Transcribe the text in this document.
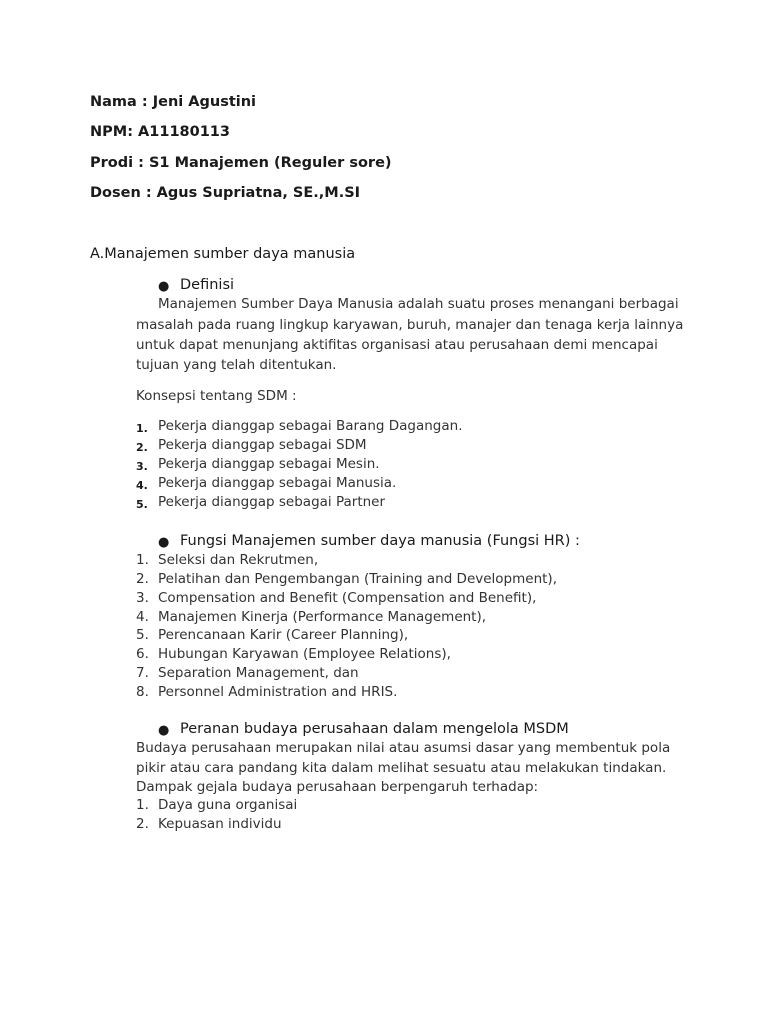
Nama : Jeni Agustini
NPM: A11180113
Prodi : S1 Manajemen (Reguler sore)
Dosen : Agus Supriatna, SE.,M.SI
A.Manajemen sumber daya manusia
● Definisi
Manajemen Sumber Daya Manusia adalah suatu proses menangani berbagai
masalah pada ruang lingkup karyawan, buruh, manajer dan tenaga kerja lainnya
untuk dapat menunjang aktifitas organisasi atau perusahaan demi mencapai
tujuan yang telah ditentukan.
Konsepsi tentang SDM :
1. Pekerja dianggap sebagai Barang Dagangan.
2. Pekerja dianggap sebagai SDM
3. Pekerja dianggap sebagai Mesin.
4. Pekerja dianggap sebagai Manusia.
5. Pekerja dianggap sebagai Partner
● Fungsi Manajemen sumber daya manusia (Fungsi HR) :
1. Seleksi dan Rekrutmen,
2. Pelatihan dan Pengembangan (Training and Development),
3. Compensation and Benefit (Compensation and Benefit),
4. Manajemen Kinerja (Performance Management),
5. Perencanaan Karir (Career Planning),
6. Hubungan Karyawan (Employee Relations),
7. Separation Management, dan
8. Personnel Administration and HRIS.
● Peranan budaya perusahaan dalam mengelola MSDM
Budaya perusahaan merupakan nilai atau asumsi dasar yang membentuk pola
pikir atau cara pandang kita dalam melihat sesuatu atau melakukan tindakan.
Dampak gejala budaya perusahaan berpengaruh terhadap:
1. Daya guna organisai
2. Kepuasan individu
